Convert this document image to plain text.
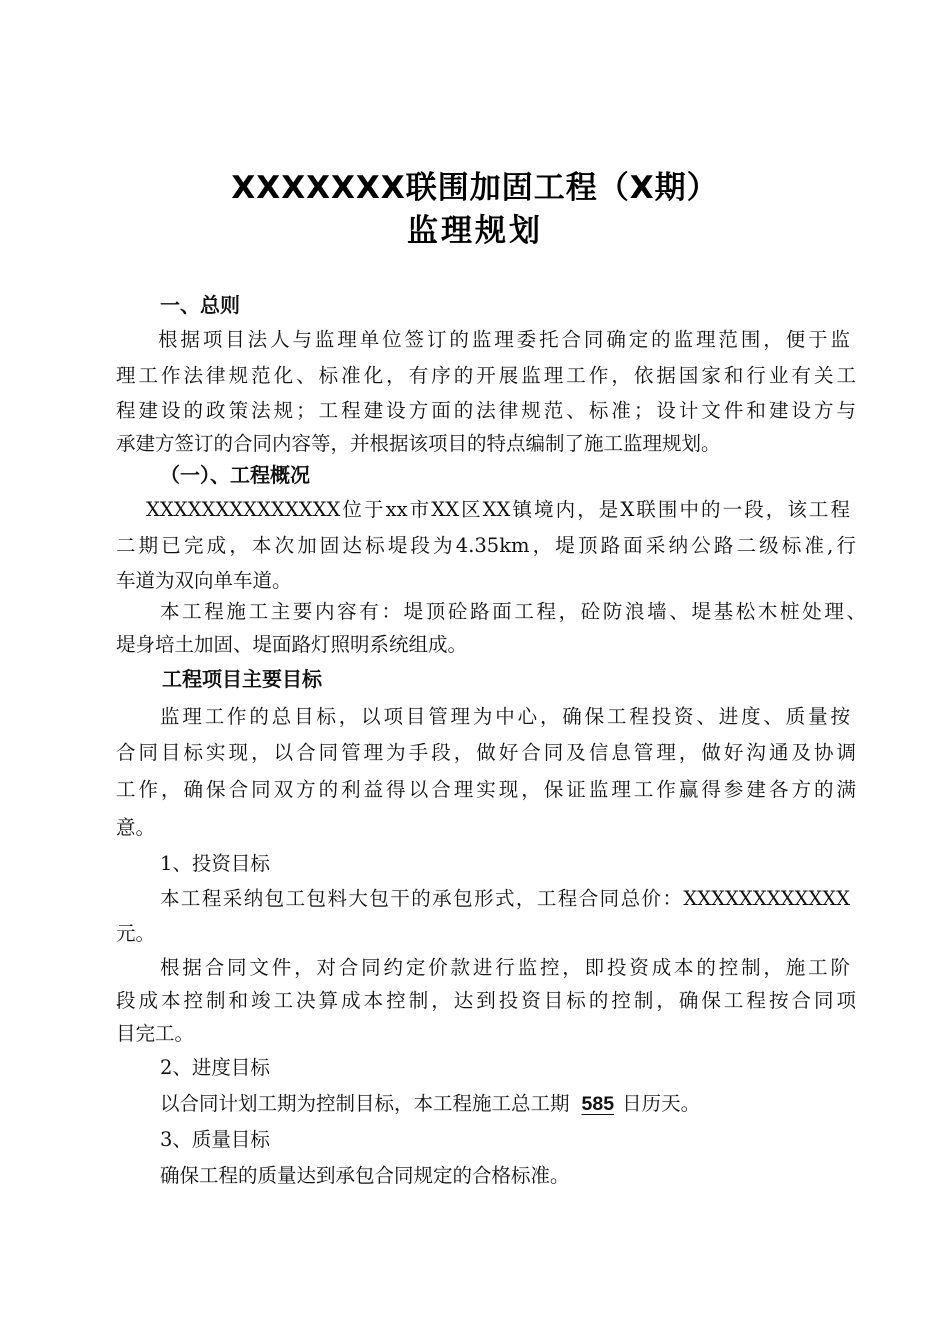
XXXXXXX联围加固工程（X期）
监理规划
一、总则
根据项目法人与监理单位签订的监理委托合同确定的监理范围，便于监
理工作法律规范化、标准化，有序的开展监理工作，依据国家和行业有关工
程建设的政策法规；工程建设方面的法律规范、标准；设计文件和建设方与
承建方签订的合同内容等，并根据该项目的特点编制了施工监理规划。
（一）、工程概况
XXXXXXXXXXXXXX位于xx市XX区XX镇境内，是X联围中的一段，该工程
二期已完成，本次加固达标堤段为4.35km，堤顶路面采纳公路二级标准,行
车道为双向单车道。
本工程施工主要内容有：堤顶砼路面工程，砼防浪墙、堤基松木桩处理、
堤身培土加固、堤面路灯照明系统组成。
工程项目主要目标
监理工作的总目标，以项目管理为中心，确保工程投资、进度、质量按
合同目标实现，以合同管理为手段，做好合同及信息管理，做好沟通及协调
工作，确保合同双方的利益得以合理实现，保证监理工作赢得参建各方的满
意。
1、投资目标
本工程采纳包工包料大包干的承包形式，工程合同总价：XXXXXXXXXXXX
元。
根据合同文件，对合同约定价款进行监控，即投资成本的控制，施工阶
段成本控制和竣工决算成本控制，达到投资目标的控制，确保工程按合同项
目完工。
2、进度目标
以合同计划工期为控制目标，本工程施工总工期 585 日历天。
3、质量目标
确保工程的质量达到承包合同规定的合格标准。
